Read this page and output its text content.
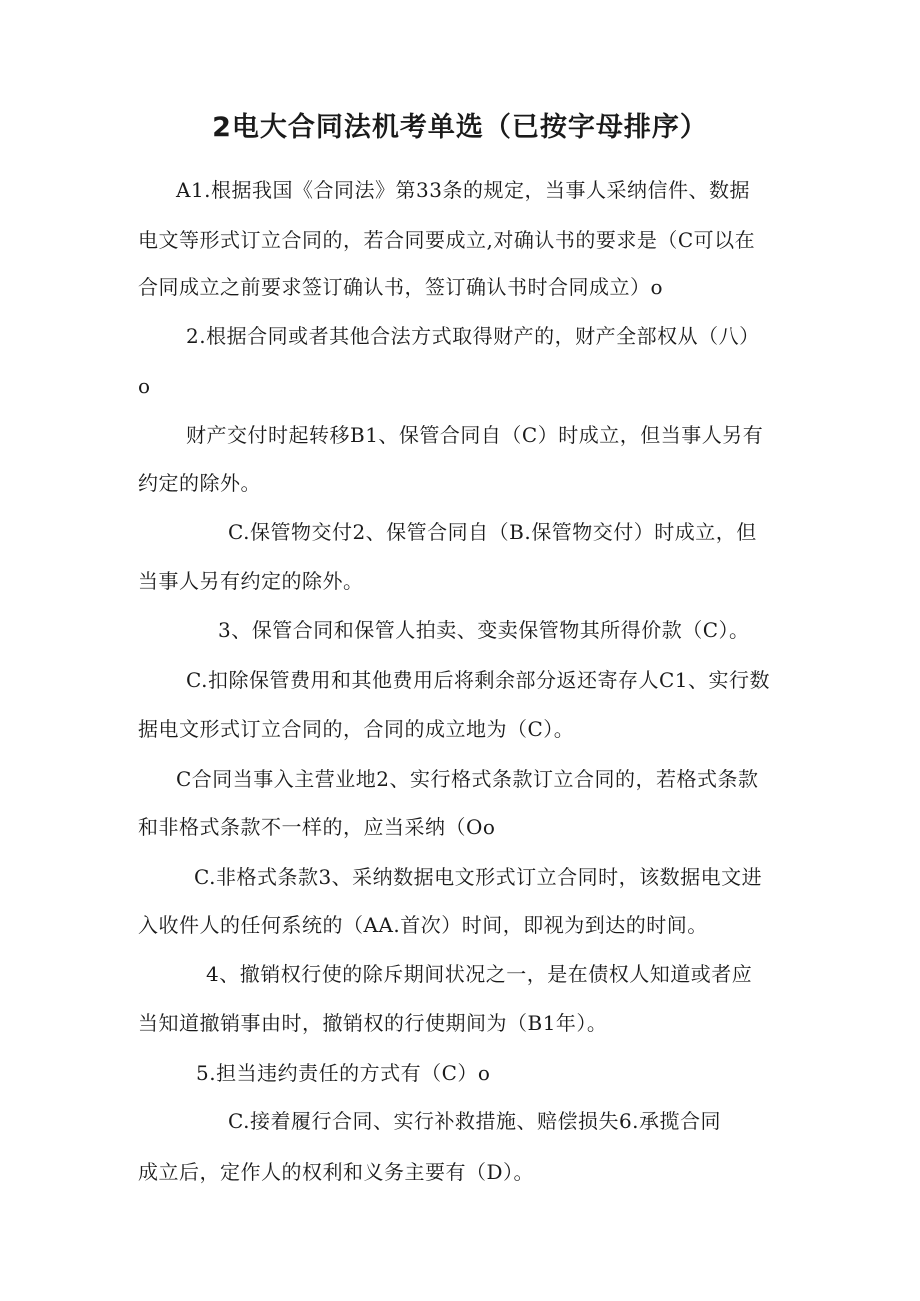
2电大合同法机考单选（已按字母排序）
A1.根据我国《合同法》第33条的规定，当事人采纳信件、数据
电文等形式订立合同的，若合同要成立,对确认书的要求是（C可以在
合同成立之前要求签订确认书，签订确认书时合同成立）o
2.根据合同或者其他合法方式取得财产的，财产全部权从（八）
o
财产交付时起转移B1、保管合同自（C）时成立，但当事人另有
约定的除外。
C.保管物交付2、保管合同自（B.保管物交付）时成立，但
当事人另有约定的除外。
3、保管合同和保管人拍卖、变卖保管物其所得价款（C）。
C.扣除保管费用和其他费用后将剩余部分返还寄存人C1、实行数
据电文形式订立合同的，合同的成立地为（C）。
C合同当事入主营业地2、实行格式条款订立合同的，若格式条款
和非格式条款不一样的，应当采纳（Oo
C.非格式条款3、采纳数据电文形式订立合同时，该数据电文进
入收件人的任何系统的（AA.首次）时间，即视为到达的时间。
4、撤销权行使的除斥期间状况之一，是在债权人知道或者应
当知道撤销事由时，撤销权的行使期间为（B1年）。
5.担当违约责任的方式有（C）o
C.接着履行合同、实行补救措施、赔偿损失6.承揽合同
成立后，定作人的权利和义务主要有（D）。
